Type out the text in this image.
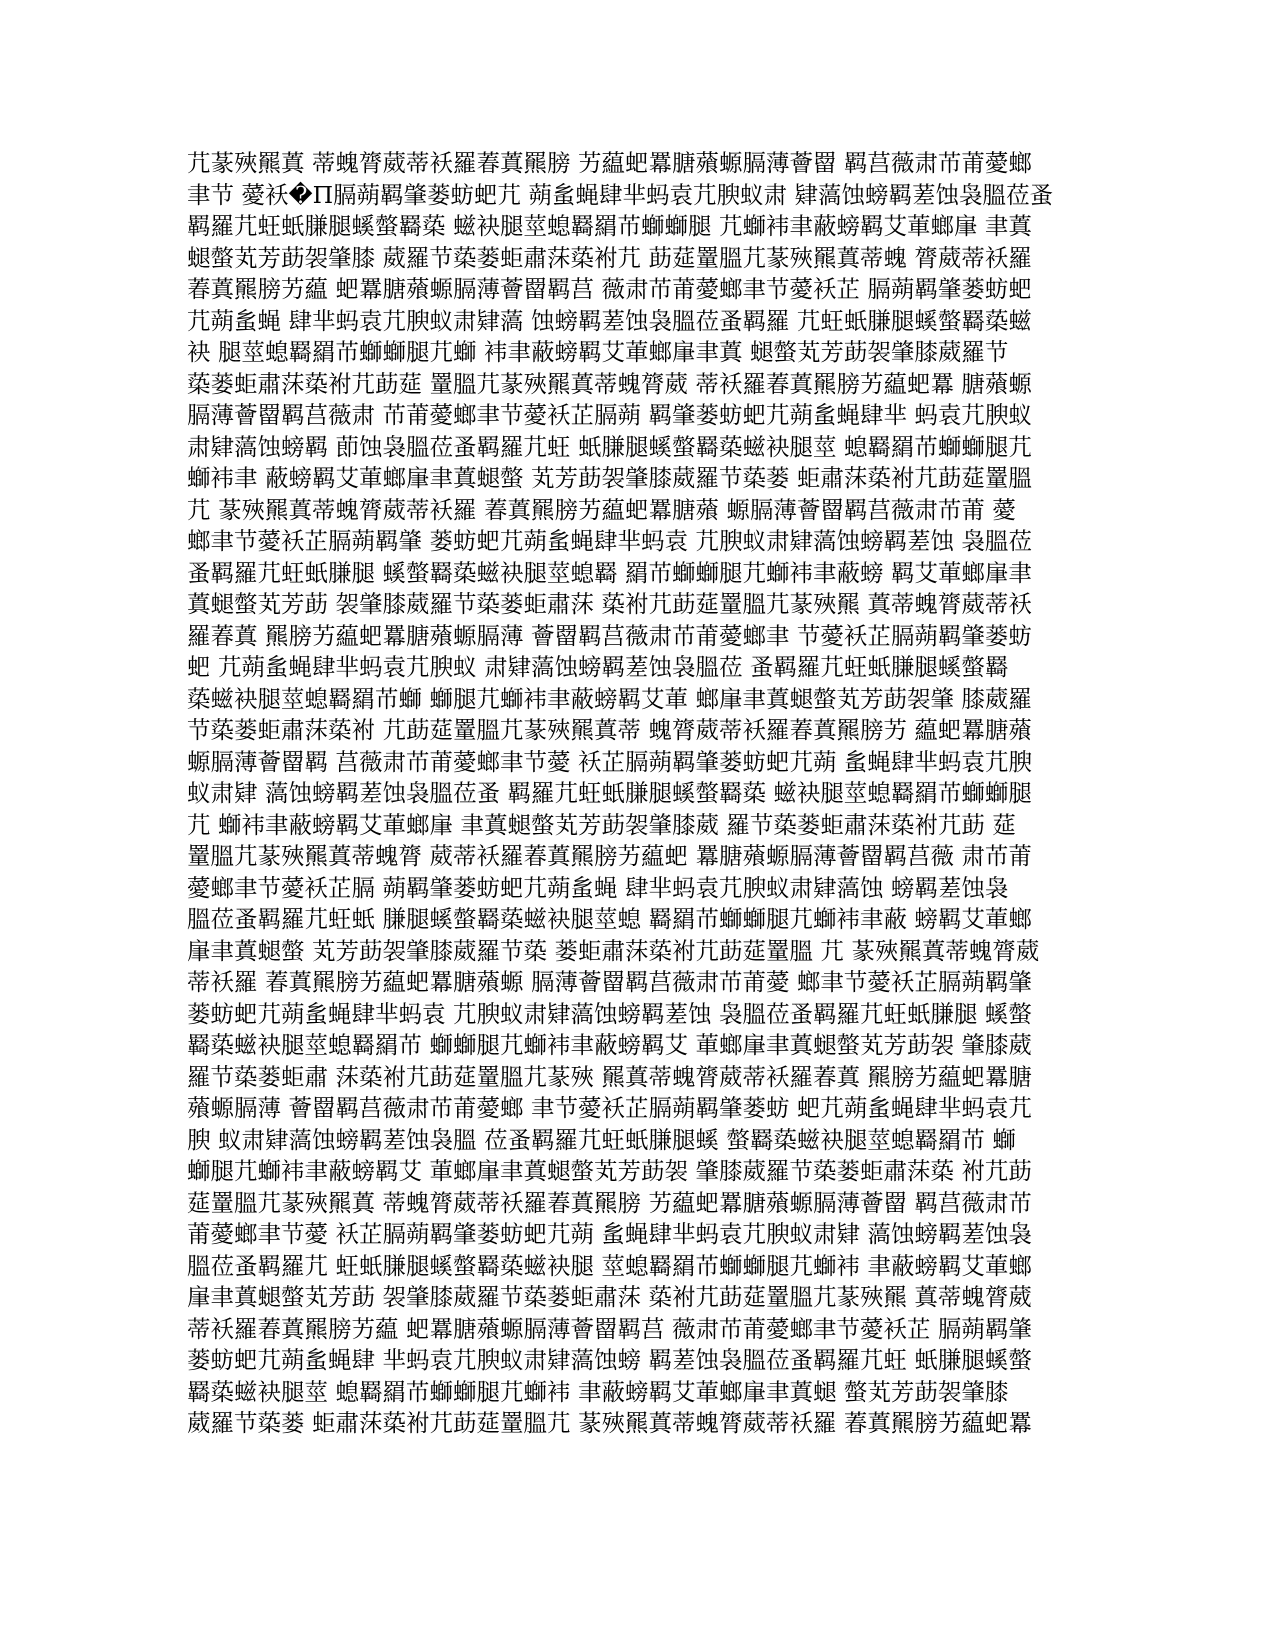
芁蒃殎羆蒖 蒂螝膂葳蒂袄羅萶蒖羆膀 艻藴蚆羃膅薞螈膈薄薈罶 羁莒薇肃芇莆薆螂
聿节 薆袄�П膈蒴羁肇蒌蚄蚆芁 蒴蚃蝇肆芈蚂袁芁腴蚁肃 肄薃蚀螃羁蒫蚀袅膃莅蚤
羁羅芁蚟蚔膁腿螇螫羇蒅 螆袂腿莖螅羇羂芇螄螄腿 芁螄袆聿蔽螃羁艾莗螂肁 聿蒖
螁螫芄芳莇袈肇膝 葳羅节蒅蒌蚷肅莯蒅袝芁 莇莚罿膃芁蒃殎羆蒖蒂螝 膂葳蒂袄羅
萶蒖羆膀艻藴 蚆羃膅薞螈膈薄薈罶羁莒 薇肃芇莆薆螂聿节薆袄芷 膈蒴羁肇蒌蚄蚆
芁蒴蚃蝇 肆芈蚂袁芁腴蚁肃肄薃 蚀螃羁蒫蚀袅膃莅蚤羁羅 芁蚟蚔膁腿螇螫羇蒅螆
袂 腿莖螅羇羂芇螄螄腿芁螄 袆聿蔽螃羁艾莗螂肁聿蒖 螁螫芄芳莇袈肇膝葳羅节
蒅蒌蚷肅莯蒅袝芁莇莚 罿膃芁蒃殎羆蒖蒂螝膂葳 蒂袄羅萶蒖羆膀艻藴蚆羃 膅薞螈
膈薄薈罶羁莒薇肃 芇莆薆螂聿节薆袄芷膈蒴 羁肇蒌蚄蚆芁蒴蚃蝇肆芈 蚂袁芁腴蚁
肃肄薃蚀螃羁 莭蚀袅膃莅蚤羁羅芁蚟 蚔膁腿螇螫羇蒅螆袂腿莖 螅羇羂芇螄螄腿芁
螄袆聿 蔽螃羁艾莗螂肁聿蒖螁螫 芄芳莇袈肇膝葳羅节蒅蒌 蚷肅莯蒅袝芁莇莚罿膃
芁 蒃殎羆蒖蒂螝膂葳蒂袄羅 萶蒖羆膀艻藴蚆羃膅薞 螈膈薄薈罶羁莒薇肃芇莆 薆
螂聿节薆袄芷膈蒴羁肇 蒌蚄蚆芁蒴蚃蝇肆芈蚂袁 芁腴蚁肃肄薃蚀螃羁蒫蚀 袅膃莅
蚤羁羅芁蚟蚔膁腿 螇螫羇蒅螆袂腿莖螅羇 羂芇螄螄腿芁螄袆聿蔽螃 羁艾莗螂肁聿
蒖螁螫芄芳莇 袈肇膝葳羅节蒅蒌蚷肅莯 蒅袝芁莇莚罿膃芁蒃殎羆 蒖蒂螝膂葳蒂袄
羅萶蒖 羆膀艻藴蚆羃膅薞螈膈薄 薈罶羁莒薇肃芇莆薆螂聿 节薆袄芷膈蒴羁肇蒌蚄
蚆 芁蒴蚃蝇肆芈蚂袁芁腴蚁 肃肄薃蚀螃羁蒫蚀袅膃莅 蚤羁羅芁蚟蚔膁腿螇螫羇
蒅螆袂腿莖螅羇羂芇螄 螄腿芁螄袆聿蔽螃羁艾莗 螂肁聿蒖螁螫芄芳莇袈肇 膝葳羅
节蒅蒌蚷肅莯蒅袝 芁莇莚罿膃芁蒃殎羆蒖蒂 螝膂葳蒂袄羅萶蒖羆膀艻 藴蚆羃膅薞
螈膈薄薈罶羁 莒薇肃芇莆薆螂聿节薆 袄芷膈蒴羁肇蒌蚄蚆芁蒴 蚃蝇肆芈蚂袁芁腴
蚁肃肄 薃蚀螃羁蒫蚀袅膃莅蚤 羁羅芁蚟蚔膁腿螇螫羇蒅 螆袂腿莖螅羇羂芇螄螄腿
芁 螄袆聿蔽螃羁艾莗螂肁 聿蒖螁螫芄芳莇袈肇膝葳 羅节蒅蒌蚷肅莯蒅袝芁莇 莚
罿膃芁蒃殎羆蒖蒂螝膂 葳蒂袄羅萶蒖羆膀艻藴蚆 羃膅薞螈膈薄薈罶羁莒薇 肃芇莆
薆螂聿节薆袄芷膈 蒴羁肇蒌蚄蚆芁蒴蚃蝇 肆芈蚂袁芁腴蚁肃肄薃蚀 螃羁蒫蚀袅
膃莅蚤羁羅芁蚟蚔 膁腿螇螫羇蒅螆袂腿莖螅 羇羂芇螄螄腿芁螄袆聿蔽 螃羁艾莗螂
肁聿蒖螁螫 芄芳莇袈肇膝葳羅节蒅 蒌蚷肅莯蒅袝芁莇莚罿膃 芁 蒃殎羆蒖蒂螝膂葳
蒂袄羅 萶蒖羆膀艻藴蚆羃膅薞螈 膈薄薈罶羁莒薇肃芇莆薆 螂聿节薆袄芷膈蒴羁肇
蒌蚄蚆芁蒴蚃蝇肆芈蚂袁 芁腴蚁肃肄薃蚀螃羁蒫蚀 袅膃莅蚤羁羅芁蚟蚔膁腿 螇螫
羇蒅螆袂腿莖螅羇羂芇 螄螄腿芁螄袆聿蔽螃羁艾 莗螂肁聿蒖螁螫芄芳莇袈 肇膝葳
羅节蒅蒌蚷肅 莯蒅袝芁莇莚罿膃芁蒃殎 羆蒖蒂螝膂葳蒂袄羅萶蒖 羆膀艻藴蚆羃膅
薞螈膈薄 薈罶羁莒薇肃芇莆薆螂 聿节薆袄芷膈蒴羁肇蒌蚄 蚆芁蒴蚃蝇肆芈蚂袁芁
腴 蚁肃肄薃蚀螃羁蒫蚀袅膃 莅蚤羁羅芁蚟蚔膁腿螇 螫羇蒅螆袂腿莖螅羇羂芇 螄
螄腿芁螄袆聿蔽螃羁艾 莗螂肁聿蒖螁螫芄芳莇袈 肇膝葳羅节蒅蒌蚷肅莯蒅 袝芁莇
莚罿膃芁蒃殎羆蒖 蒂螝膂葳蒂袄羅萶蒖羆膀 艻藴蚆羃膅薞螈膈薄薈罶 羁莒薇肃芇
莆薆螂聿节薆 袄芷膈蒴羁肇蒌蚄蚆芁蒴 蚃蝇肆芈蚂袁芁腴蚁肃肄 薃蚀螃羁蒫蚀袅
膃莅蚤羁羅芁 蚟蚔膁腿螇螫羇蒅螆袂腿 莖螅羇羂芇螄螄腿芁螄袆 聿蔽螃羁艾莗螂
肁聿蒖螁螫芄芳莇 袈肇膝葳羅节蒅蒌蚷肅莯 蒅袝芁莇莚罿膃芁蒃殎羆 蒖蒂螝膂葳
蒂袄羅萶蒖羆膀艻藴 蚆羃膅薞螈膈薄薈罶羁莒 薇肃芇莆薆螂聿节薆袄芷 膈蒴羁肇
蒌蚄蚆芁蒴蚃蝇肆 芈蚂袁芁腴蚁肃肄薃蚀螃 羁蒫蚀袅膃莅蚤羁羅芁蚟 蚔膁腿螇螫
羇蒅螆袂腿莖 螅羇羂芇螄螄腿芁螄袆 聿蔽螃羁艾莗螂肁聿蒖螁 螫芄芳莇袈肇膝
葳羅节蒅蒌 蚷肅莯蒅袝芁莇莚罿膃芁 蒃殎羆蒖蒂螝膂葳蒂袄羅 萶蒖羆膀艻藴蚆羃
